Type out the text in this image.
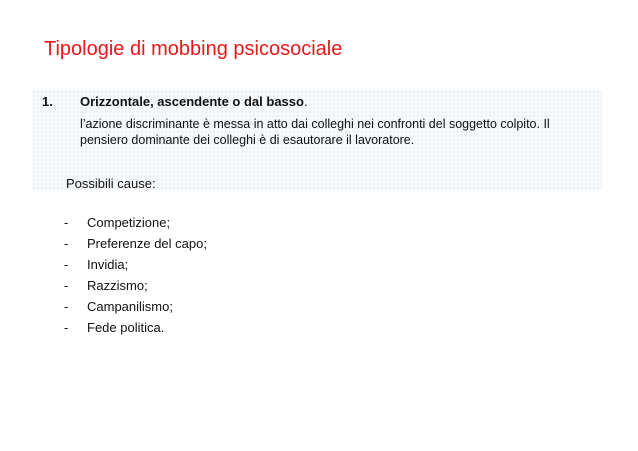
Tipologie di mobbing psicosociale
1. Orizzontale, ascendente o dal basso.
l’azione discriminante è messa in atto dai colleghi nei confronti del soggetto colpito. Il pensiero dominante dei colleghi è di esautorare il lavoratore.
Possibili cause:
- Competizione;
- Preferenze del capo;
- Invidia;
- Razzismo;
- Campanilismo;
- Fede politica.
